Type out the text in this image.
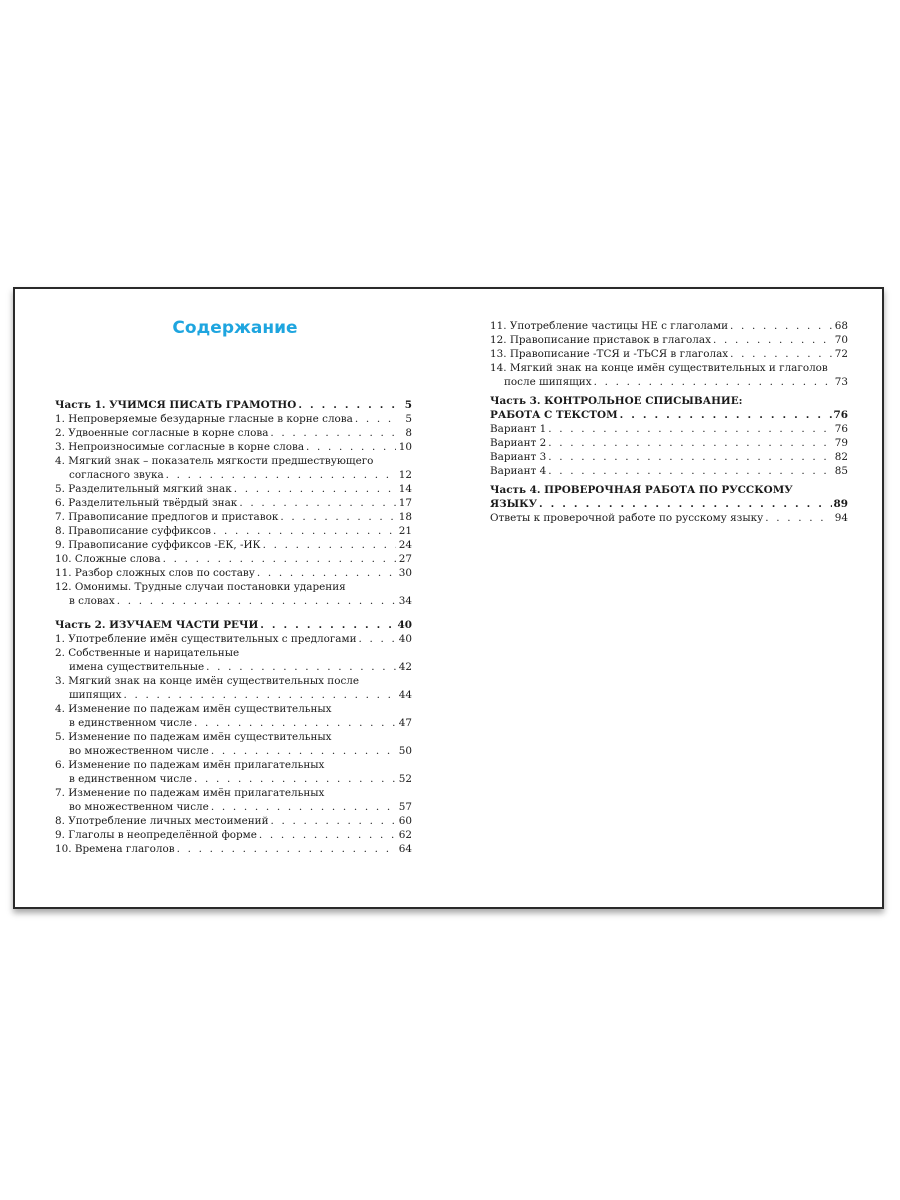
Содержание
Часть 1. УЧИМСЯ ПИСАТЬ ГРАМОТНО . . .	5
1. Непроверяемые безударные гласные в корне слова . . .	5
2. Удвоенные согласные в корне слова . . .	8
3. Непроизносимые согласные в корне слова . . .	10
4. Мягкий знак – показатель мягкости предшествующего
согласного звука . . .	12
5. Разделительный мягкий знак . . .	14
6. Разделительный твёрдый знак . . .	17
7. Правописание предлогов и приставок . . .	18
8. Правописание суффиксов . . .	21
9. Правописание суффиксов -ЕК, -ИК . . .	24
10. Сложные слова . . .	27
11. Разбор сложных слов по составу . . .	30
12. Омонимы. Трудные случаи постановки ударения
в словах . . .	34
Часть 2. ИЗУЧАЕМ ЧАСТИ РЕЧИ . . .	40
1. Употребление имён существительных с предлогами . . .	40
2. Собственные и нарицательные
имена существительные . . .	42
3. Мягкий знак на конце имён существительных после
шипящих . . .	44
4. Изменение по падежам имён существительных
в единственном числе . . .	47
5. Изменение по падежам имён существительных
во множественном числе . . .	50
6. Изменение по падежам имён прилагательных
в единственном числе . . .	52
7. Изменение по падежам имён прилагательных
во множественном числе . . .	57
8. Употребление личных местоимений . . .	60
9. Глаголы в неопределённой форме . . .	62
10. Времена глаголов . . .	64
11. Употребление частицы НЕ с глаголами . . .	68
12. Правописание приставок в глаголах . . .	70
13. Правописание -ТСЯ и -ТЬСЯ в глаголах . . .	72
14. Мягкий знак на конце имён существительных и глаголов
после шипящих . . .	73
Часть 3. КОНТРОЛЬНОЕ СПИСЫВАНИЕ:
РАБОТА С ТЕКСТОМ . . .	76
Вариант 1 . . .	76
Вариант 2 . . .	79
Вариант 3 . . .	82
Вариант 4 . . .	85
Часть 4. ПРОВЕРОЧНАЯ РАБОТА ПО РУССКОМУ
ЯЗЫКУ . . .	89
Ответы к проверочной работе по русскому языку . . .	94
